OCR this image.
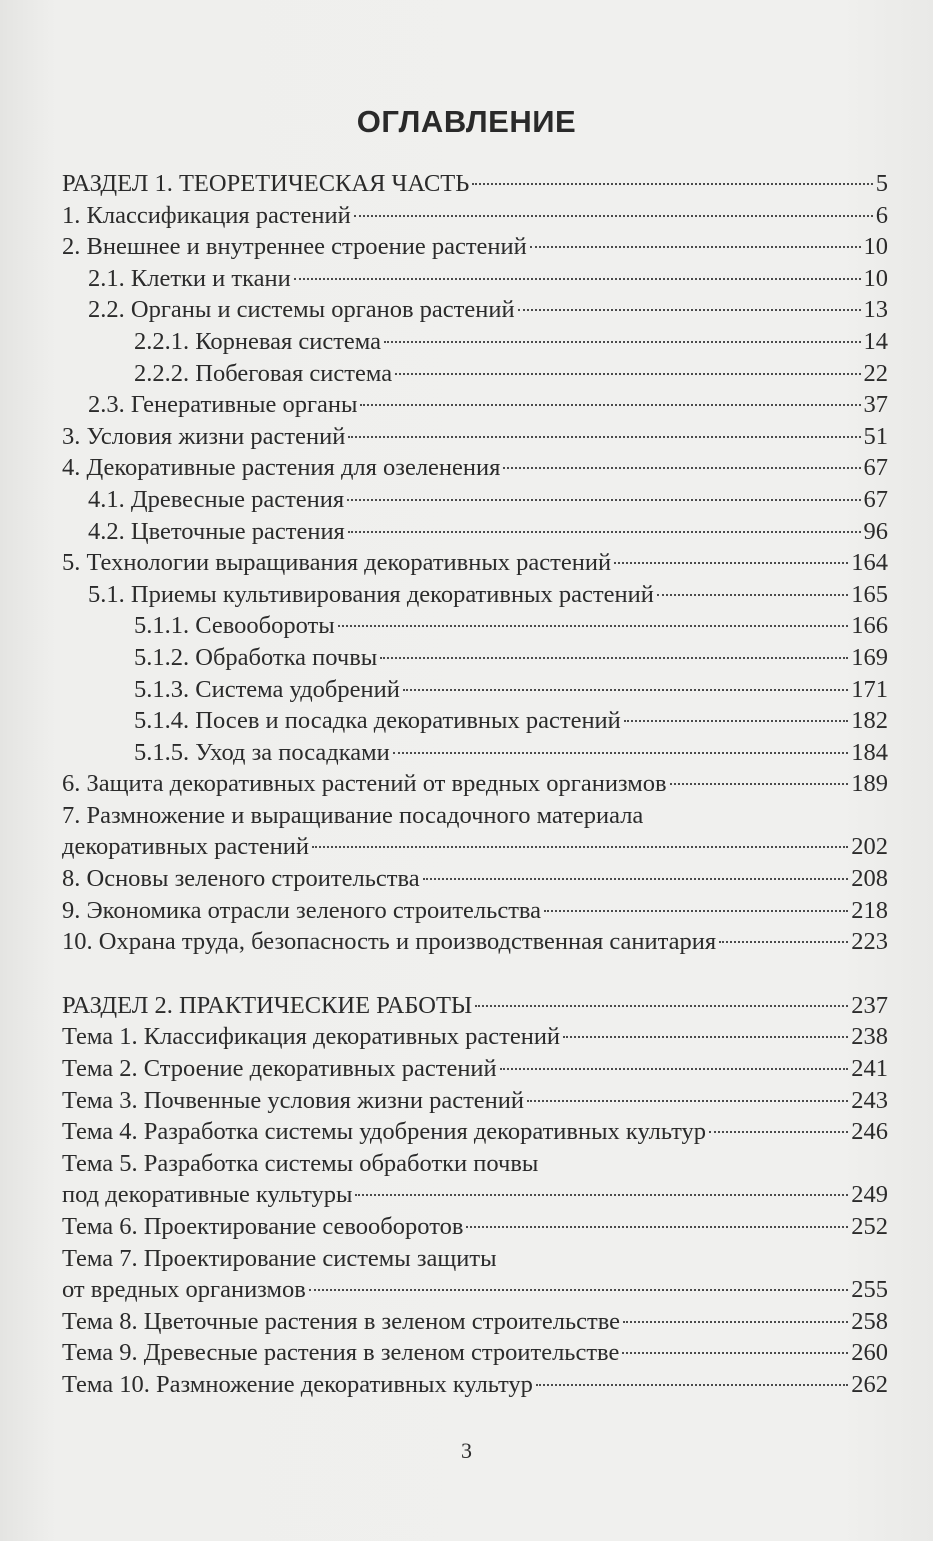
ОГЛАВЛЕНИЕ
РАЗДЕЛ 1. ТЕОРЕТИЧЕСКАЯ ЧАСТЬ	5
1. Классификация растений	6
2. Внешнее и внутреннее строение растений	10
2.1. Клетки и ткани	10
2.2. Органы и системы органов растений	13
2.2.1. Корневая система	14
2.2.2. Побеговая система	22
2.3. Генеративные органы	37
3. Условия жизни растений	51
4. Декоративные растения для озеленения	67
4.1. Древесные растения	67
4.2. Цветочные растения	96
5. Технологии выращивания декоративных растений	164
5.1. Приемы культивирования декоративных растений	165
5.1.1. Севообороты	166
5.1.2. Обработка почвы	169
5.1.3. Система удобрений	171
5.1.4. Посев и посадка декоративных растений	182
5.1.5. Уход за посадками	184
6. Защита декоративных растений от вредных организмов	189
7. Размножение и выращивание посадочного материала
декоративных растений	202
8. Основы зеленого строительства	208
9. Экономика отрасли зеленого строительства	218
10. Охрана труда, безопасность и производственная санитария	223
РАЗДЕЛ 2. ПРАКТИЧЕСКИЕ РАБОТЫ	237
Тема 1. Классификация декоративных растений	238
Тема 2. Строение декоративных растений	241
Тема 3. Почвенные условия жизни растений	243
Тема 4. Разработка системы удобрения декоративных культур	246
Тема 5. Разработка системы обработки почвы
под декоративные культуры	249
Тема 6. Проектирование севооборотов	252
Тема 7. Проектирование системы защиты
от вредных организмов	255
Тема 8. Цветочные растения в зеленом строительстве	258
Тема 9. Древесные растения в зеленом строительстве	260
Тема 10. Размножение декоративных культур	262
3
